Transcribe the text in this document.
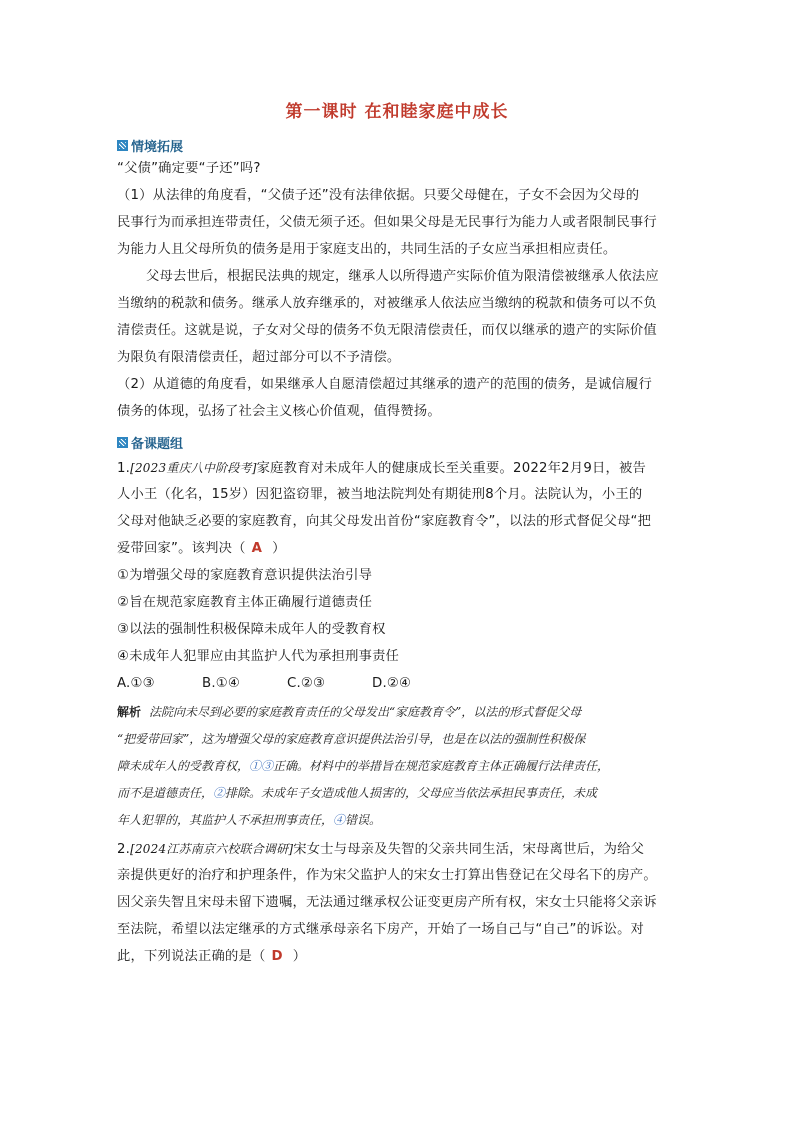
第一课时 在和睦家庭中成长
情境拓展
“父债”确定要“子还”吗?
（1）从法律的角度看，“父债子还”没有法律依据。只要父母健在，子女不会因为父母的
民事行为而承担连带责任，父债无须子还。但如果父母是无民事行为能力人或者限制民事行
为能力人且父母所负的债务是用于家庭支出的，共同生活的子女应当承担相应责任。
父母去世后，根据民法典的规定，继承人以所得遗产实际价值为限清偿被继承人依法应
当缴纳的税款和债务。继承人放弃继承的，对被继承人依法应当缴纳的税款和债务可以不负
清偿责任。这就是说，子女对父母的债务不负无限清偿责任，而仅以继承的遗产的实际价值
为限负有限清偿责任，超过部分可以不予清偿。
（2）从道德的角度看，如果继承人自愿清偿超过其继承的遗产的范围的债务，是诚信履行
债务的体现，弘扬了社会主义核心价值观，值得赞扬。
备课题组
1.[2023重庆八中阶段考]家庭教育对未成年人的健康成长至关重要。2022年2月9日，被告
人小王（化名，15岁）因犯盗窃罪，被当地法院判处有期徒刑8个月。法院认为，小王的
父母对他缺乏必要的家庭教育，向其父母发出首份“家庭教育令”，以法的形式督促父母“把
爱带回家”。该判决（ A ）
①为增强父母的家庭教育意识提供法治引导
②旨在规范家庭教育主体正确履行道德责任
③以法的强制性积极保障未成年人的受教育权
④未成年人犯罪应由其监护人代为承担刑事责任
A.①③	B.①④	C.②③	D.②④
解析 法院向未尽到必要的家庭教育责任的父母发出“家庭教育令”，以法的形式督促父母
“把爱带回家”，这为增强父母的家庭教育意识提供法治引导，也是在以法的强制性积极保
障未成年人的受教育权，①③正确。材料中的举措旨在规范家庭教育主体正确履行法律责任，
而不是道德责任，②排除。未成年子女造成他人损害的，父母应当依法承担民事责任，未成
年人犯罪的，其监护人不承担刑事责任，④错误。
2.[2024江苏南京六校联合调研]宋女士与母亲及失智的父亲共同生活，宋母离世后，为给父
亲提供更好的治疗和护理条件，作为宋父监护人的宋女士打算出售登记在父母名下的房产。
因父亲失智且宋母未留下遗嘱，无法通过继承权公证变更房产所有权，宋女士只能将父亲诉
至法院，希望以法定继承的方式继承母亲名下房产，开始了一场自己与“自己”的诉讼。对
此，下列说法正确的是（ D ）
